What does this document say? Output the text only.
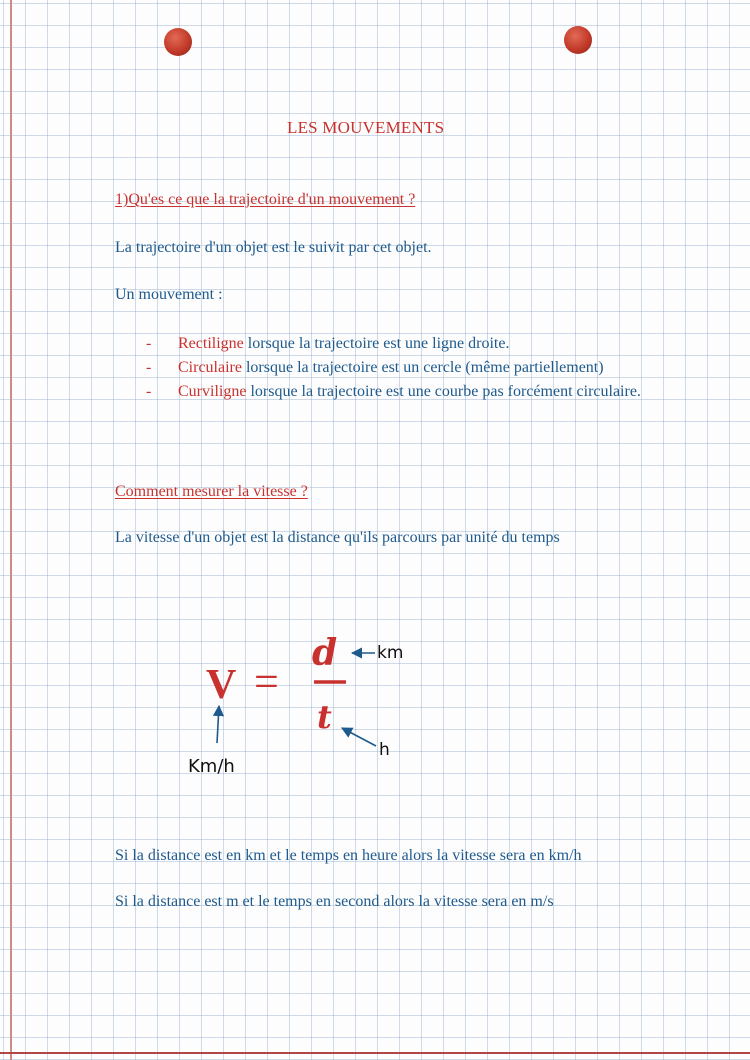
LES MOUVEMENTS
1)Qu'es ce que la trajectoire d'un mouvement ?
La trajectoire d'un objet est le suivit par cet objet.
Un mouvement :
- Rectiligne lorsque la trajectoire est une ligne droite.
- Circulaire lorsque la trajectoire est un cercle (même partiellement)
- Curviligne lorsque la trajectoire est une courbe pas forcément circulaire.
Comment mesurer la vitesse ?
La vitesse d'un objet est la distance qu'ils parcours par unité du temps
V =
d
t
km
h
Km/h
Si la distance est en km et le temps en heure alors la vitesse sera en km/h
Si la distance est m et le temps en second alors la vitesse sera en m/s
